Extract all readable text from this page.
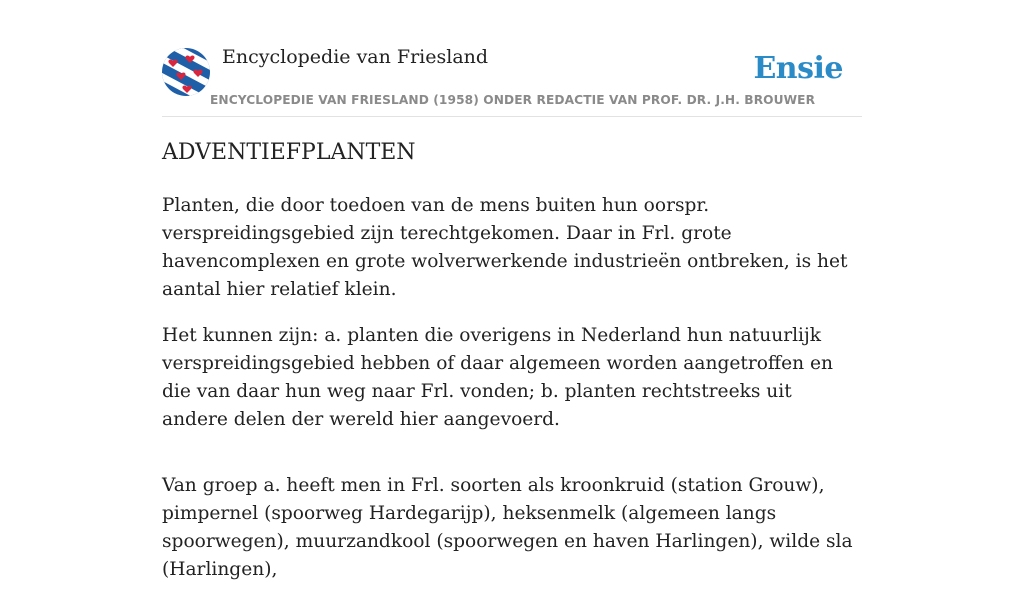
Encyclopedie van Friesland	Ensie
ENCYCLOPEDIE VAN FRIESLAND (1958) ONDER REDACTIE VAN PROF. DR. J.H. BROUWER
ADVENTIEFPLANTEN

Planten, die door toedoen van de mens buiten hun oorspr. verspreidingsgebied zijn terechtgekomen. Daar in Frl. grote havencomplexen en grote wolverwerkende industrieën ontbreken, is het aantal hier relatief klein.

Het kunnen zijn: a. planten die overigens in Nederland hun natuurlijk verspreidingsgebied hebben of daar algemeen worden aangetroffen en die van daar hun weg naar Frl. vonden; b. planten rechtstreeks uit andere delen der wereld hier aangevoerd.

Van groep a. heeft men in Frl. soorten als kroonkruid (station Grouw), pimpernel (spoorweg Hardegarijp), heksenmelk (algemeen langs spoorwegen), muurzandkool (spoorwegen en haven Harlingen), wilde sla (Harlingen),
